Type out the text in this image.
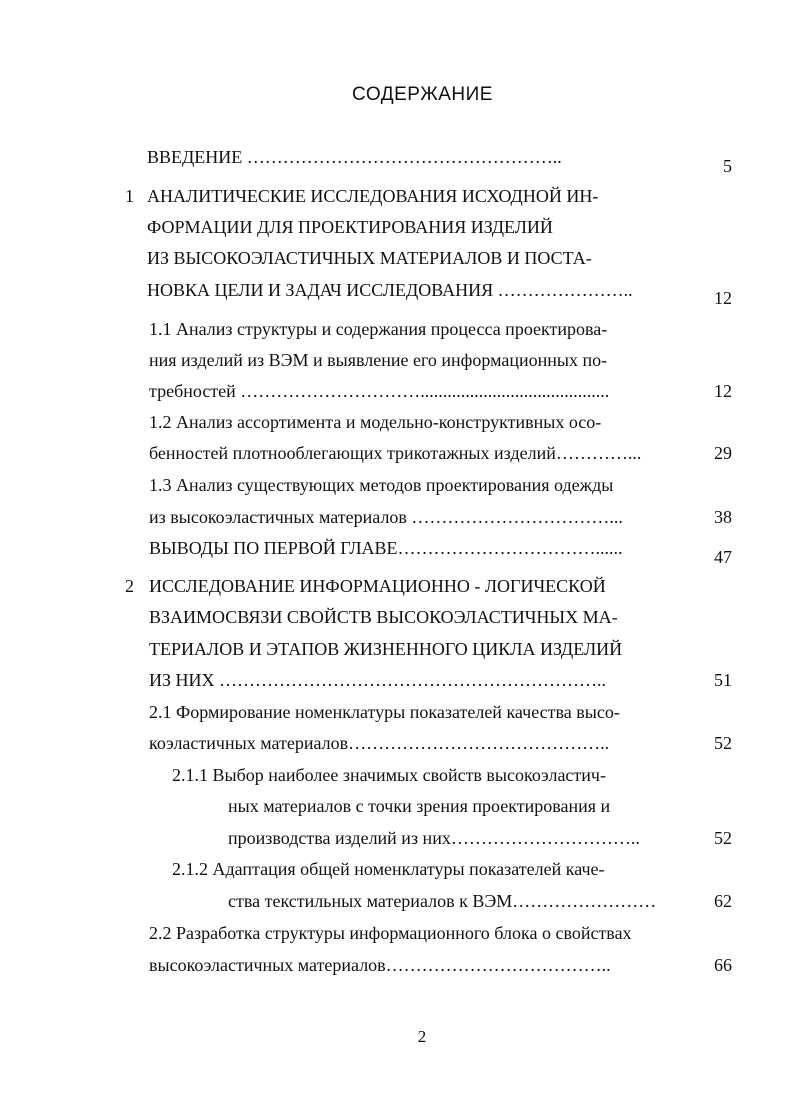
СОДЕРЖАНИЕ
ВВЕДЕНИЕ ……………………………………………..	5
1 АНАЛИТИЧЕСКИЕ ИССЛЕДОВАНИЯ ИСХОДНОЙ ИН-
ФОРМАЦИИ ДЛЯ ПРОЕКТИРОВАНИЯ ИЗДЕЛИЙ
ИЗ ВЫСОКОЭЛАСТИЧНЫХ МАТЕРИАЛОВ И ПОСТА-
НОВКА ЦЕЛИ И ЗАДАЧ ИССЛЕДОВАНИЯ …………………..	12
1.1 Анализ структуры и содержания процесса проектирова-
ния изделий из ВЭМ и выявление его информационных по-
требностей …………………………..........................................	12
1.2 Анализ ассортимента и модельно-конструктивных осо-
бенностей плотнооблегающих трикотажных изделий…………...	29
1.3 Анализ существующих методов проектирования одежды
из высокоэластичных материалов ……………………………...	38
ВЫВОДЫ ПО ПЕРВОЙ ГЛАВЕ……………………………......	47
2 ИССЛЕДОВАНИЕ ИНФОРМАЦИОННО - ЛОГИЧЕСКОЙ
ВЗАИМОСВЯЗИ СВОЙСТВ ВЫСОКОЭЛАСТИЧНЫХ МА-
ТЕРИАЛОВ И ЭТАПОВ ЖИЗНЕННОГО ЦИКЛА ИЗДЕЛИЙ
ИЗ НИХ ………………………………………………………..	51
2.1 Формирование номенклатуры показателей качества высо-
коэластичных материалов……………………………………..	52
2.1.1 Выбор наиболее значимых свойств высокоэластич-
ных материалов с точки зрения проектирования и
производства изделий из них…………………………..	52
2.1.2 Адаптация общей номенклатуры показателей каче-
ства текстильных материалов к ВЭМ……………………	62
2.2 Разработка структуры информационного блока о свойствах
высокоэластичных материалов………………………………..	66
2
